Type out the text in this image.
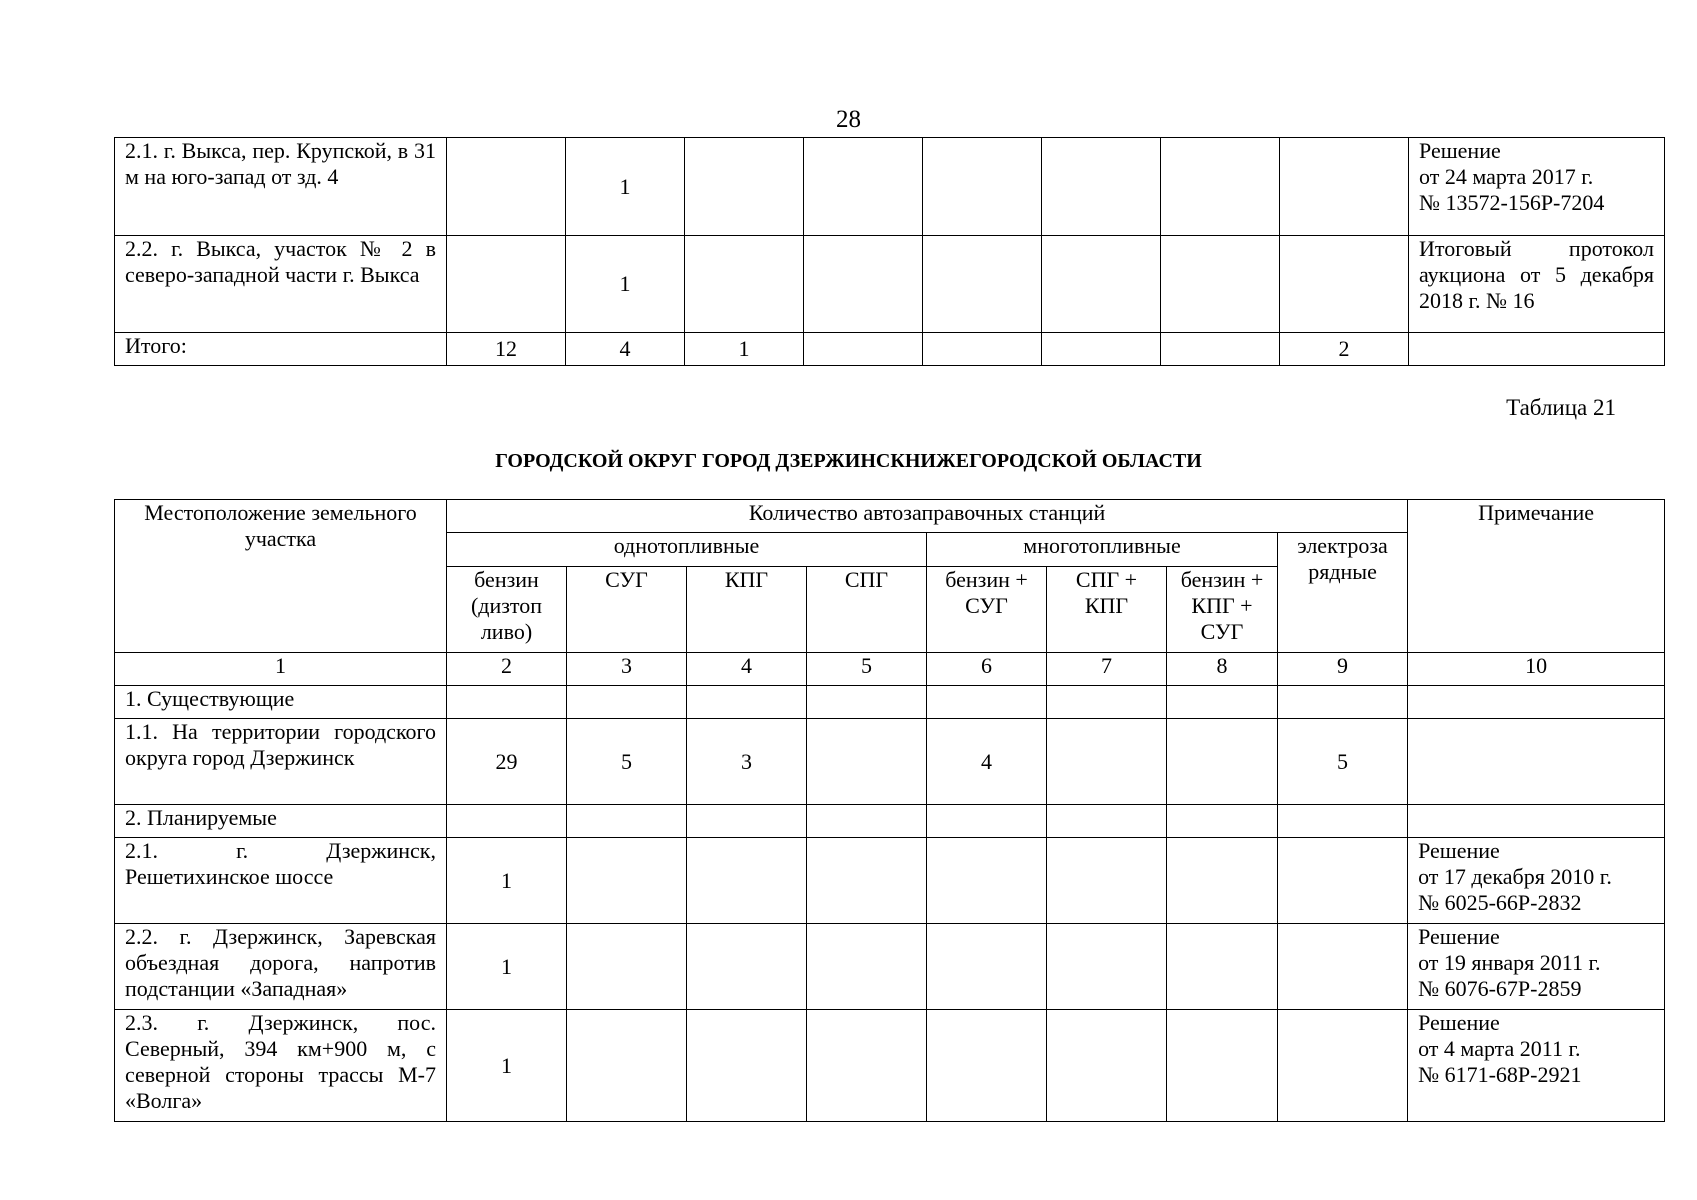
28
2.1. г. Выкса, пер. Крупской, в 31 м на юго-запад от зд. 4		1							Решение
от 24 марта 2017 г.
№ 13572-156Р-7204

2.2. г. Выкса, участок № 2 в северо-западной части г. Выкса		1							Итоговый протокол аукциона от 5 декабря 2018 г. № 16

Итого:	12	4	1					2	
Таблица 21
ГОРОДСКОЙ ОКРУГ ГОРОД ДЗЕРЖИНСКНИЖЕГОРОДСКОЙ ОБЛАСТИ
Местоположение земельного участка	Количество автозаправочных станций								Примечание
	однотопливные				многотопливные			электроза рядные	
	бензин (дизтоп ливо)	СУГ	КПГ	СПГ	бензин + СУГ	СПГ + КПГ	бензин + КПГ + СУГ		
1	2	3	4	5	6	7	8	9	10
1. Существующие									
1.1. На территории городского округа город Дзержинск	29	5	3		4			5	
2. Планируемые									
2.1. г. Дзержинск, Решетихинское шоссе	1								Решение
от 17 декабря 2010 г.
№ 6025-66Р-2832

2.2. г. Дзержинск, Заревская объездная дорога, напротив подстанции «Западная»	1								Решение
от 19 января 2011 г.
№ 6076-67Р-2859

2.3. г. Дзержинск, пос. Северный, 394 км+900 м, с северной стороны трассы М-7 «Волга»	1								Решение
от 4 марта 2011 г.
№ 6171-68Р-2921
